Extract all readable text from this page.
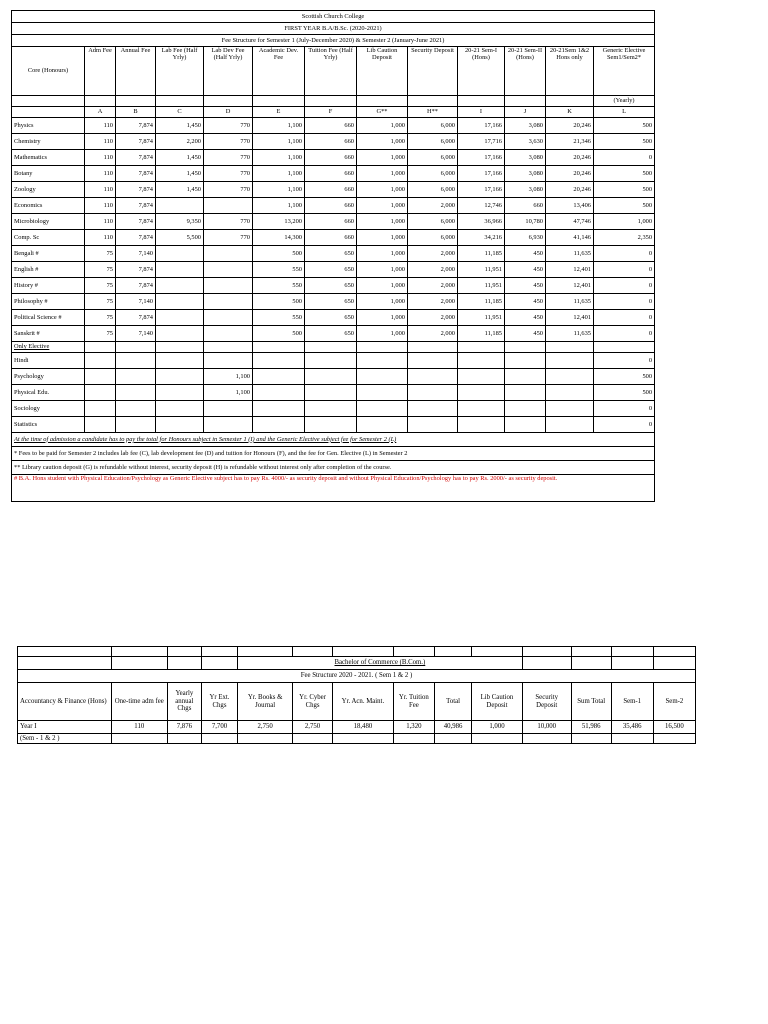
Scottish Church College												
FIRST YEAR B.A/B.Sc. (2020-2021)												
Fee Structure for Semester 1 (July-December 2020) & Semester 2 (January-June 2021)												
Core (Honours)	Adm Fee	Annual Fee	Lab Fee (Half Yrly)	Lab Dev Fee (Half Yrly)	Academic Dev. Fee	Tuition Fee (Half Yrly)	Lib Caution Deposit	Security Deposit	20-21 Sem-I (Hons)	20-21 Sem-II (Hons)	20-21Sem 1&2 Hons only	Generic Elective Sem1/Sem2*
												(Yearly)
	A	B	C	D	E	F	G**	H**	I	J	K	L
Physics	110	7,874	1,450	770	1,100	660	1,000	6,000	17,166	3,080	20,246	500
Chemistry	110	7,874	2,200	770	1,100	660	1,000	6,000	17,716	3,630	21,346	500
Mathematics	110	7,874	1,450	770	1,100	660	1,000	6,000	17,166	3,080	20,246	0
Botany	110	7,874	1,450	770	1,100	660	1,000	6,000	17,166	3,080	20,246	500
Zoology	110	7,874	1,450	770	1,100	660	1,000	6,000	17,166	3,080	20,246	500
Economics	110	7,874			1,100	660	1,000	2,000	12,746	660	13,406	500
Microbiology	110	7,874	9,350	770	13,200	660	1,000	6,000	36,966	10,780	47,746	1,000
Comp. Sc	110	7,874	5,500	770	14,300	660	1,000	6,000	34,216	6,930	41,146	2,350
Bengali #	75	7,140			500	650	1,000	2,000	11,185	450	11,635	0
English #	75	7,874			550	650	1,000	2,000	11,951	450	12,401	0
History #	75	7,874			550	650	1,000	2,000	11,951	450	12,401	0
Philosophy #	75	7,140			500	650	1,000	2,000	11,185	450	11,635	0
Political Science #	75	7,874			550	650	1,000	2,000	11,951	450	12,401	0
Sanskrit #	75	7,140			500	650	1,000	2,000	11,185	450	11,635	0
Only Elective												
Hindi												0
Psychology				1,100								500
Physical Edu.				1,100								500
Sociology												0
Statistics												0
At the time of admission a candidate has to pay the total for Honours subject in Semester 1 (I) and the Generic Elective subject fee for Semester 2 (L)												
* Fees to be paid for Semester 2 includes lab fee (C), lab development fee (D) and tuition for Honours (F), and the fee for Gen. Elective (L) in Semester 2												
** Library caution deposit (G) is refundable without interest, security deposit (H) is refundable without interest only after completion of the course.												
# B.A. Hons student with Physical Education/Psychology as Generic Elective subject has to pay Rs. 4000/- as security deposit and without Physical Education/Psychology has to pay Rs. 2000/- as security deposit.												

				Bachelor of Commerce (B.Com.)									
Fee Structure 2020 - 2021. ( Sem 1 & 2 )													
Accountancy & Finance (Hons)	One-time adm fee	Yearly annual Chgs	Yr Ext. Chgs	Yr. Books & Journal	Yr. Cyber Chgs	Yr. Acn. Maint.	Yr. Tuition Fee	Total	Lib Caution Deposit	Security Deposit	Sum Total	Sem-1	Sem-2
Year I	110	7,876	7,700	2,750	2,750	18,480	1,320	40,986	1,000	10,000	51,986	35,486	16,500
(Sem - 1 & 2 )													
